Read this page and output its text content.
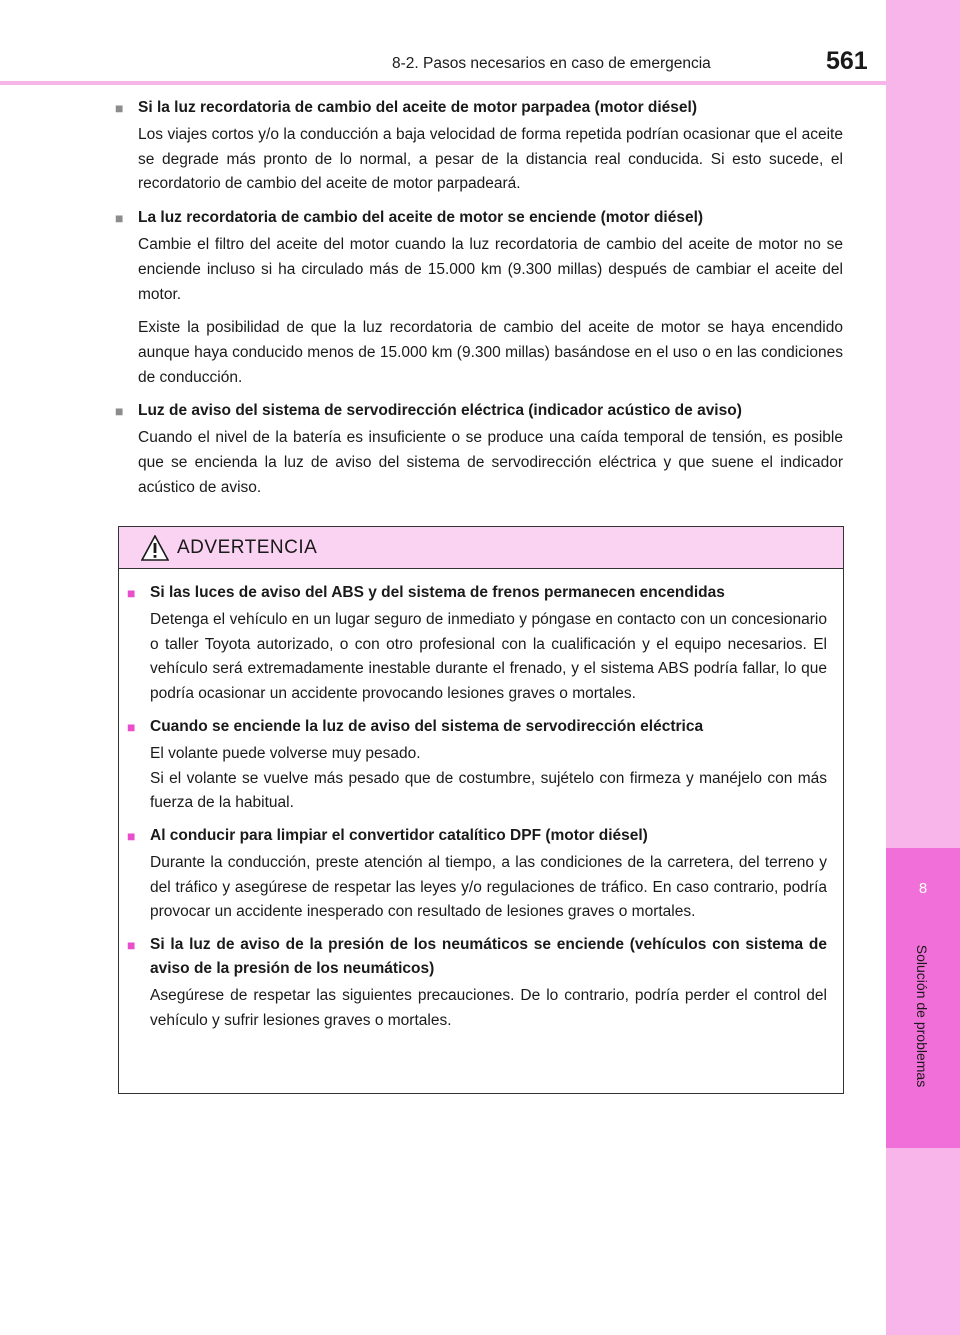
8
Solución de problemas
8-2. Pasos necesarios en caso de emergencia	561
■ Si la luz recordatoria de cambio del aceite de motor parpadea (motor diésel)

Los viajes cortos y/o la conducción a baja velocidad de forma repetida podrían ocasionar que el aceite se degrade más pronto de lo normal, a pesar de la distancia real conducida. Si esto sucede, el recordatorio de cambio del aceite de motor parpadeará.

■ La luz recordatoria de cambio del aceite de motor se enciende (motor diésel)

Cambie el filtro del aceite del motor cuando la luz recordatoria de cambio del aceite de motor no se enciende incluso si ha circulado más de 15.000 km (9.300 millas) después de cambiar el aceite del motor.

Existe la posibilidad de que la luz recordatoria de cambio del aceite de motor se haya encendido aunque haya conducido menos de 15.000 km (9.300 millas) basándose en el uso o en las condiciones de conducción.

■ Luz de aviso del sistema de servodirección eléctrica (indicador acústico de aviso)

Cuando el nivel de la batería es insuficiente o se produce una caída temporal de tensión, es posible que se encienda la luz de aviso del sistema de servodirección eléctrica y que suene el indicador acústico de aviso.

ADVERTENCIA
■ Si las luces de aviso del ABS y del sistema de frenos permanecen encendidas

Detenga el vehículo en un lugar seguro de inmediato y póngase en contacto con un concesionario o taller Toyota autorizado, o con otro profesional con la cualificación y el equipo necesarios. El vehículo será extremadamente inestable durante el frenado, y el sistema ABS podría fallar, lo que podría ocasionar un accidente provocando lesiones graves o mortales.

■ Cuando se enciende la luz de aviso del sistema de servodirección eléctrica

El volante puede volverse muy pesado.

Si el volante se vuelve más pesado que de costumbre, sujételo con firmeza y manéjelo con más fuerza de la habitual.

■ Al conducir para limpiar el convertidor catalítico DPF (motor diésel)

Durante la conducción, preste atención al tiempo, a las condiciones de la carretera, del terreno y del tráfico y asegúrese de respetar las leyes y/o regulaciones de tráfico. En caso contrario, podría provocar un accidente inesperado con resultado de lesiones graves o mortales.

■ Si la luz de aviso de la presión de los neumáticos se enciende (vehículos con sistema de aviso de la presión de los neumáticos)

Asegúrese de respetar las siguientes precauciones. De lo contrario, podría perder el control del vehículo y sufrir lesiones graves o mortales.
